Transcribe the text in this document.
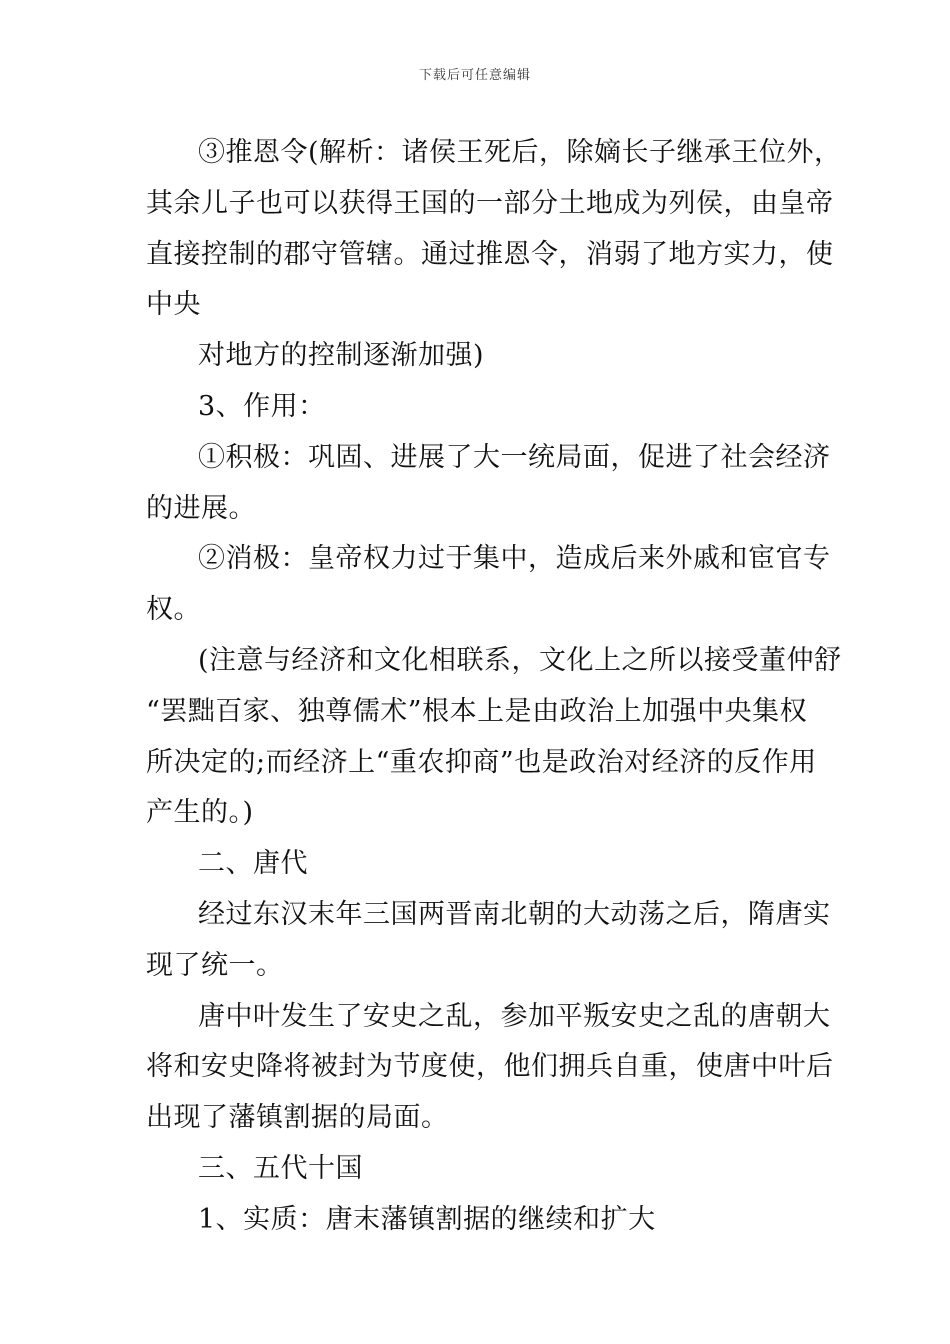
下载后可任意编辑
③推恩令(解析：诸侯王死后，除嫡长子继承王位外，
其余儿子也可以获得王国的一部分土地成为列侯，由皇帝
直接控制的郡守管辖。通过推恩令，消弱了地方实力，使
中央
对地方的控制逐渐加强)
3、作用：
①积极：巩固、进展了大一统局面，促进了社会经济
的进展。
②消极：皇帝权力过于集中，造成后来外戚和宦官专
权。
(注意与经济和文化相联系，文化上之所以接受董仲舒
“罢黜百家、独尊儒术”根本上是由政治上加强中央集权
所决定的;而经济上“重农抑商”也是政治对经济的反作用
产生的。)
二、唐代
经过东汉末年三国两晋南北朝的大动荡之后，隋唐实
现了统一。
唐中叶发生了安史之乱，参加平叛安史之乱的唐朝大
将和安史降将被封为节度使，他们拥兵自重，使唐中叶后
出现了藩镇割据的局面。
三、五代十国
1、实质：唐末藩镇割据的继续和扩大
